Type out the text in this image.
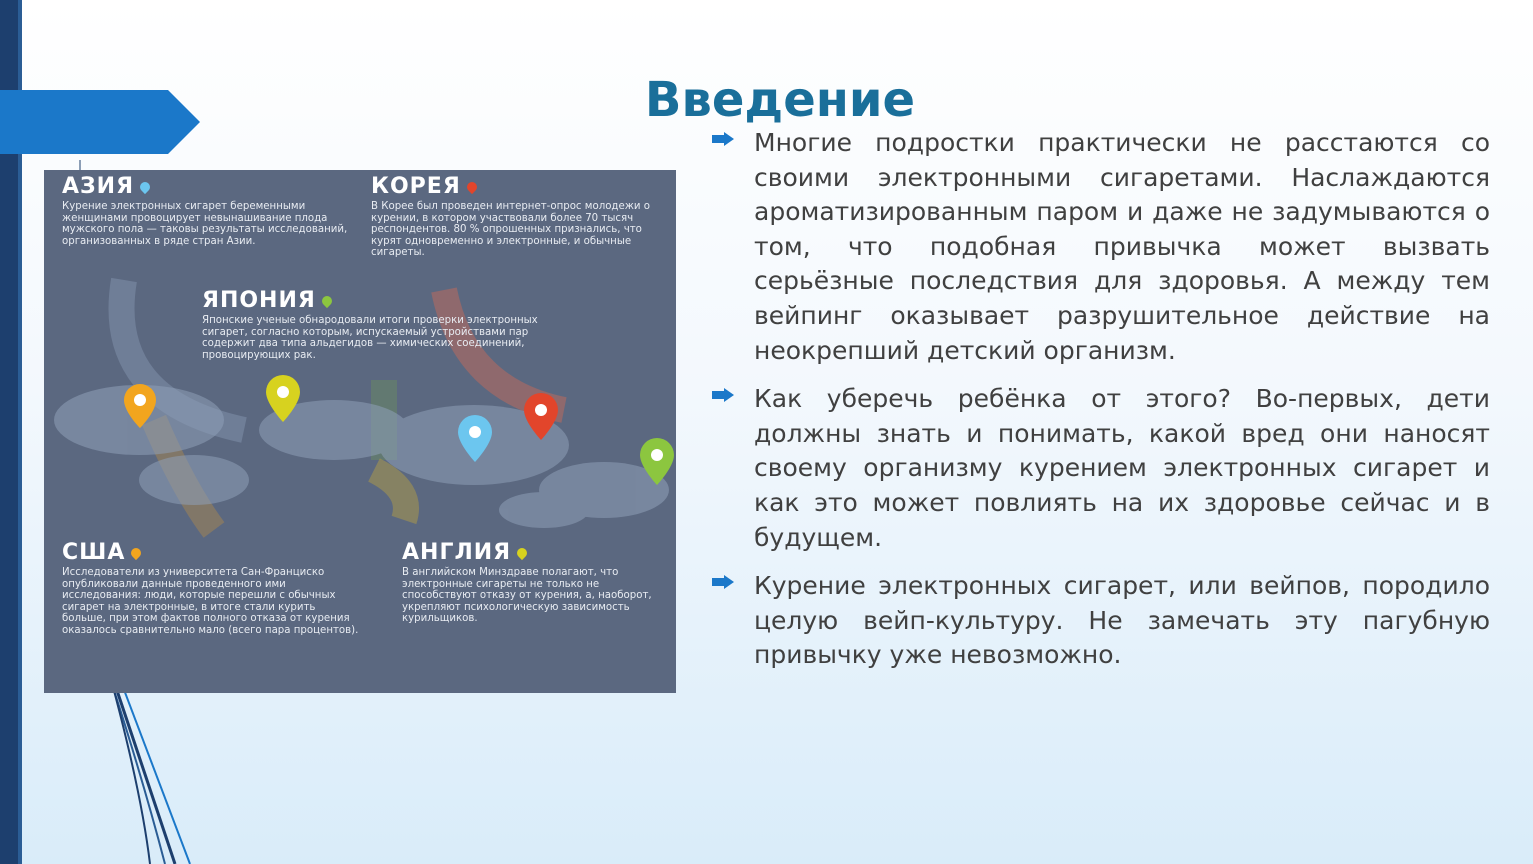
Введение
АЗИЯ
Курение электронных сигарет беременными женщинами провоцирует невынашивание плода мужского пола — таковы результаты исследований, организованных в ряде стран Азии.
КОРЕЯ
В Корее был проведен интернет-опрос молодежи о курении, в котором участвовали более 70 тысяч респондентов. 80 % опрошенных признались, что курят одновременно и электронные, и обычные сигареты.
ЯПОНИЯ
Японские ученые обнародовали итоги проверки электронных сигарет, согласно которым, испускаемый устройствами пар содержит два типа альдегидов — химических соединений, провоцирующих рак.
США
Исследователи из университета Сан-Франциско опубликовали данные проведенного ими исследования: люди, которые перешли с обычных сигарет на электронные, в итоге стали курить больше, при этом фактов полного отказа от курения оказалось сравнительно мало (всего пара процентов).
АНГЛИЯ
В английском Минздраве полагают, что электронные сигареты не только не способствуют отказу от курения, а, наоборот, укрепляют психологическую зависимость курильщиков.

Многие подростки практически не расстаются со своими электронными сигаретами. Наслаждаются ароматизированным паром и даже не задумываются о том, что подобная привычка может вызвать серьёзные последствия для здоровья. А между тем вейпинг оказывает разрушительное действие на неокрепший детский организм.

Как уберечь ребёнка от этого? Во-первых, дети должны знать и понимать, какой вред они наносят своему организму курением электронных сигарет и как это может повлиять на их здоровье сейчас и в будущем.

Курение электронных сигарет, или вейпов, породило целую вейп-культуру. Не замечать эту пагубную привычку уже невозможно.
